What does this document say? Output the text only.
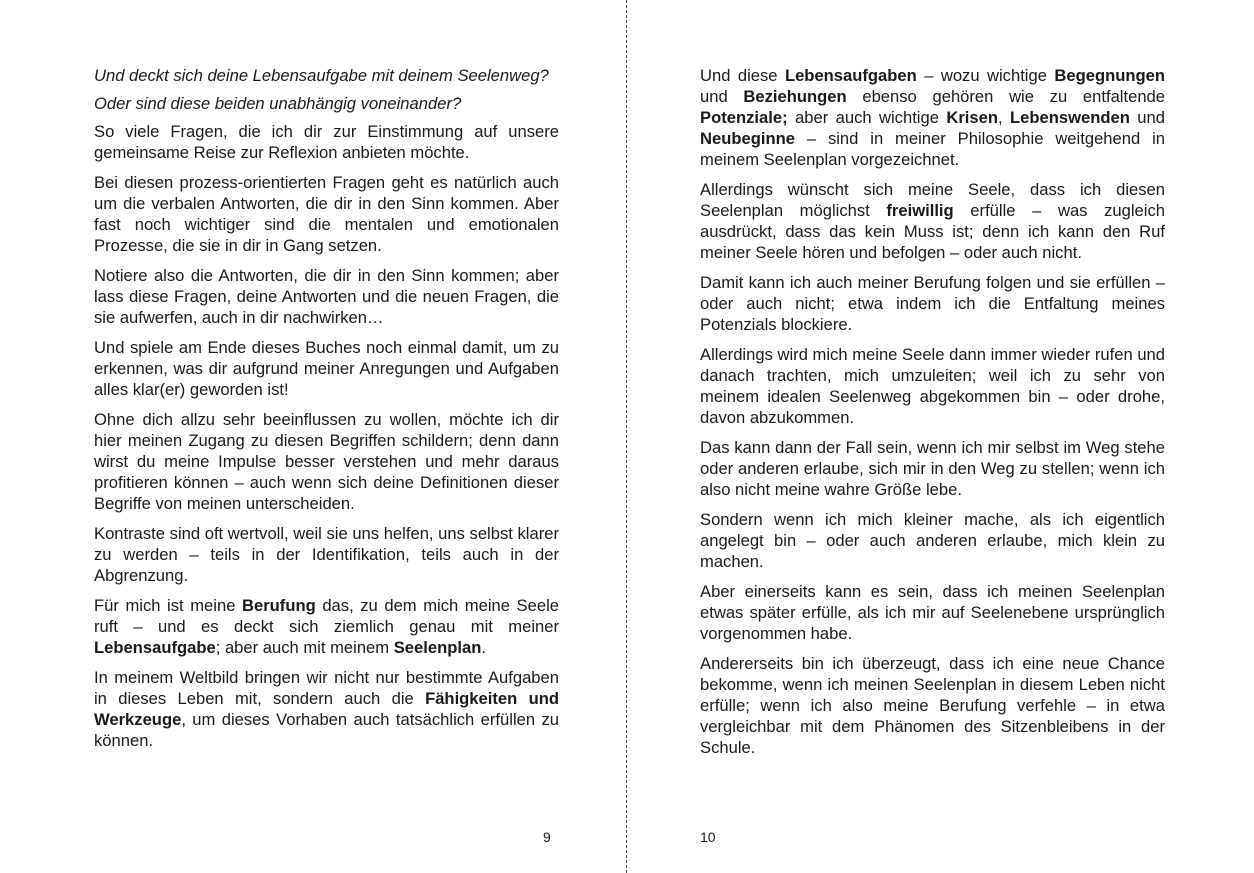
Und deckt sich deine Lebensaufgabe mit deinem Seelenweg?

Oder sind diese beiden unabhängig voneinander?

So viele Fragen, die ich dir zur Einstimmung auf unsere gemeinsame Reise zur Reflexion anbieten möchte.

Bei diesen prozess-orientierten Fragen geht es natürlich auch um die verbalen Antworten, die dir in den Sinn kommen. Aber fast noch wichtiger sind die mentalen und emotionalen Prozesse, die sie in dir in Gang setzen.

Notiere also die Antworten, die dir in den Sinn kommen; aber lass diese Fragen, deine Antworten und die neuen Fragen, die sie aufwerfen, auch in dir nachwirken…

Und spiele am Ende dieses Buches noch einmal damit, um zu erkennen, was dir aufgrund meiner Anregungen und Aufgaben alles klar(er) geworden ist!

Ohne dich allzu sehr beeinflussen zu wollen, möchte ich dir hier meinen Zugang zu diesen Begriffen schildern; denn dann wirst du meine Impulse besser verstehen und mehr daraus profitieren können – auch wenn sich deine Definitionen dieser Begriffe von meinen unterscheiden.

Kontraste sind oft wertvoll, weil sie uns helfen, uns selbst klarer zu werden – teils in der Identifikation, teils auch in der Abgrenzung.

Für mich ist meine Berufung das, zu dem mich meine Seele ruft – und es deckt sich ziemlich genau mit meiner Lebensaufgabe; aber auch mit meinem Seelenplan.

In meinem Weltbild bringen wir nicht nur bestimmte Aufgaben in dieses Leben mit, sondern auch die Fähigkeiten und Werkzeuge, um dieses Vorhaben auch tatsächlich erfüllen zu können.

Und diese Lebensaufgaben – wozu wichtige Begegnungen und Beziehungen ebenso gehören wie zu entfaltende Potenziale; aber auch wichtige Krisen, Lebenswenden und Neubeginne – sind in meiner Philosophie weitgehend in meinem Seelenplan vorgezeichnet.

Allerdings wünscht sich meine Seele, dass ich diesen Seelenplan möglichst freiwillig erfülle – was zugleich ausdrückt, dass das kein Muss ist; denn ich kann den Ruf meiner Seele hören und befolgen – oder auch nicht.

Damit kann ich auch meiner Berufung folgen und sie erfüllen – oder auch nicht; etwa indem ich die Entfaltung meines Potenzials blockiere.

Allerdings wird mich meine Seele dann immer wieder rufen und danach trachten, mich umzuleiten; weil ich zu sehr von meinem idealen Seelenweg abgekommen bin – oder drohe, davon abzukommen.

Das kann dann der Fall sein, wenn ich mir selbst im Weg stehe oder anderen erlaube, sich mir in den Weg zu stellen; wenn ich also nicht meine wahre Größe lebe.

Sondern wenn ich mich kleiner mache, als ich eigentlich angelegt bin – oder auch anderen erlaube, mich klein zu machen.

Aber einerseits kann es sein, dass ich meinen Seelenplan etwas später erfülle, als ich mir auf Seelenebene ursprünglich vorgenommen habe.

Andererseits bin ich überzeugt, dass ich eine neue Chance bekomme, wenn ich meinen Seelenplan in diesem Leben nicht erfülle; wenn ich also meine Berufung verfehle – in etwa vergleichbar mit dem Phänomen des Sitzenbleibens in der Schule.

9	10
